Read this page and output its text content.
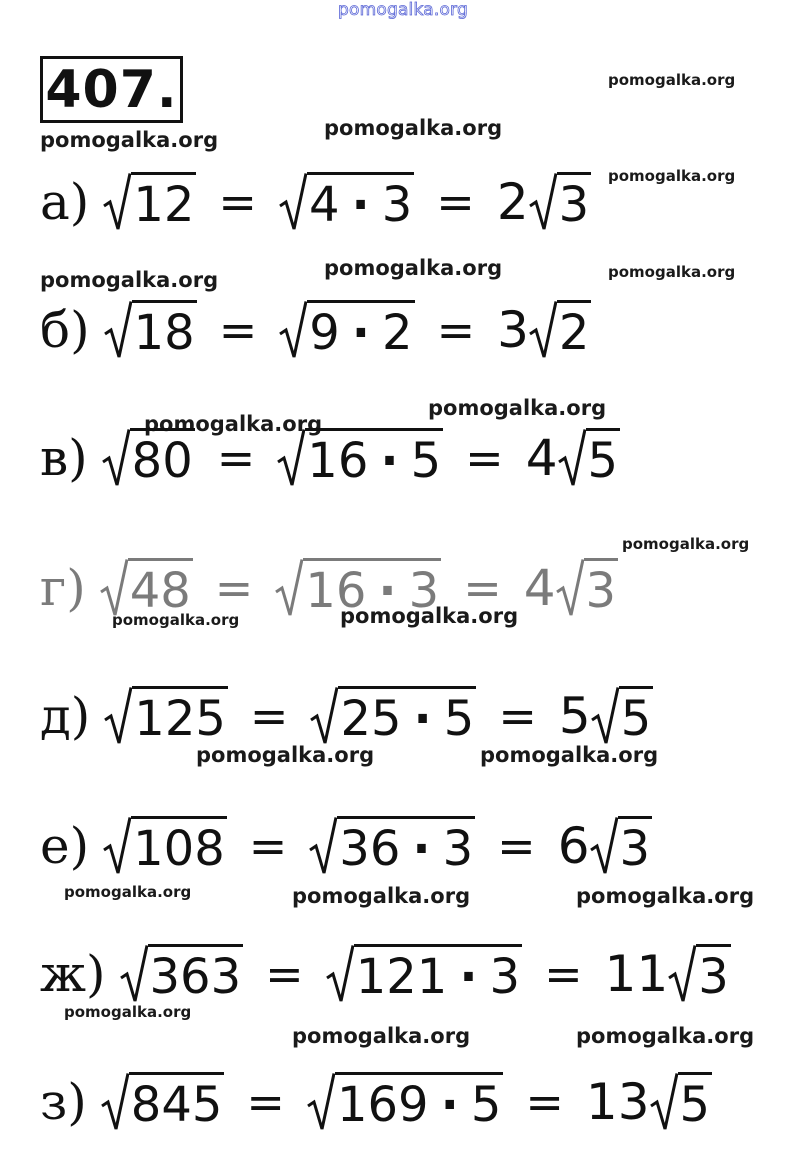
pomogalka.org
407.	pomogalka.org
pomogalka.org	pomogalka.org
pomogalka.org
pomogalka.org	pomogalka.org	pomogalka.org
pomogalka.org
pomogalka.org
pomogalka.org
pomogalka.org	pomogalka.org
pomogalka.org	pomogalka.org
pomogalka.org	pomogalka.org	pomogalka.org
pomogalka.org
pomogalka.org	pomogalka.org
а) 12 = 4 · 3 = 2 3
б) 18 = 9 · 2 = 3 2
в) 80 = 16 · 5 = 4 5
г) 48 = 16 · 3 = 4 3
д) 125 = 25 · 5 = 5 5
е) 108 = 36 · 3 = 6 3
ж) 363 = 121 · 3 = 11 3
з) 845 = 169 · 5 = 13 5
